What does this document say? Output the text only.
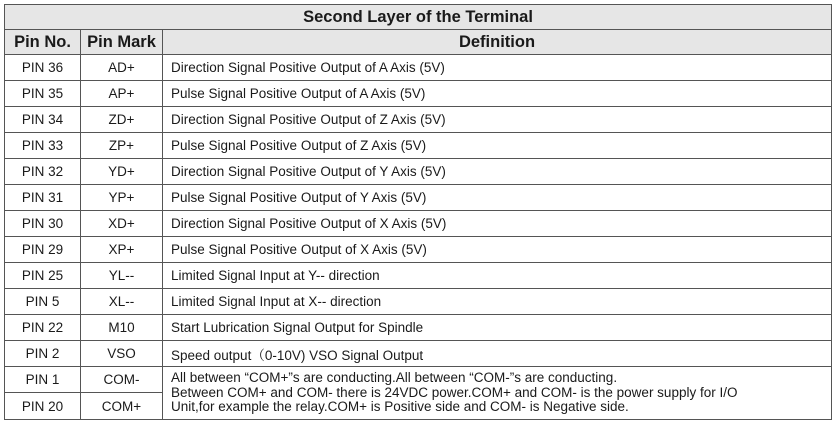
Second Layer of the Terminal		
Pin No.	Pin Mark	Definition
PIN 36	AD+	Direction Signal Positive Output of A Axis (5V)
PIN 35	AP+	Pulse Signal Positive Output of A Axis (5V)
PIN 34	ZD+	Direction Signal Positive Output of Z Axis (5V)
PIN 33	ZP+	Pulse Signal Positive Output of Z Axis (5V)
PIN 32	YD+	Direction Signal Positive Output of Y Axis (5V)
PIN 31	YP+	Pulse Signal Positive Output of Y Axis (5V)
PIN 30	XD+	Direction Signal Positive Output of X Axis (5V)
PIN 29	XP+	Pulse Signal Positive Output of X Axis (5V)
PIN 25	YL--	Limited Signal Input at Y-- direction
PIN 5	XL--	Limited Signal Input at X-- direction
PIN 22	M10	Start Lubrication Signal Output for Spindle
PIN 2	VSO	Speed output（0-10V) VSO Signal Output
PIN 1	COM-	All between “COM+”s are conducting.All between “COM-”s are conducting.
Between COM+ and COM- there is 24VDC power.COM+ and COM- is the power supply for I/O
Unit,for example the relay.COM+ is Positive side and COM- is Negative side.

PIN 20	COM+	
